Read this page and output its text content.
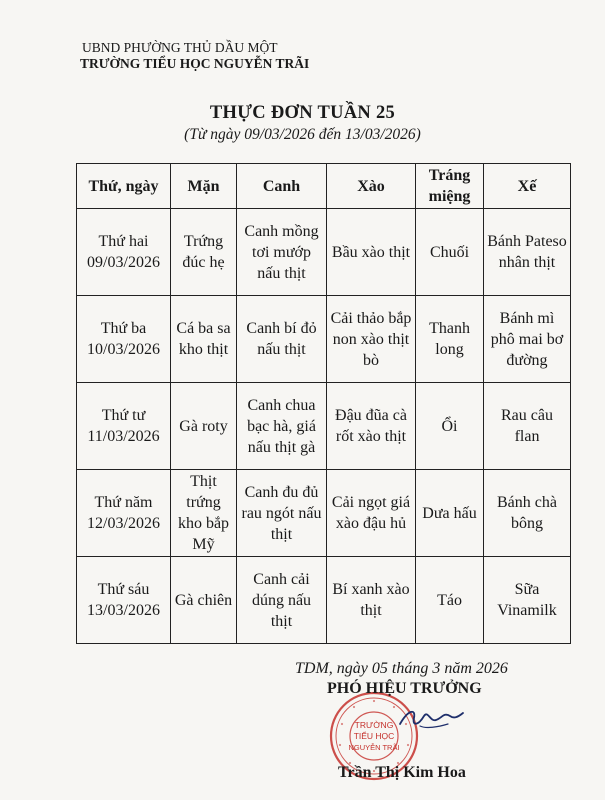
UBND PHƯỜNG THỦ DẦU MỘT
TRƯỜNG TIỂU HỌC NGUYỄN TRÃI
THỰC ĐƠN TUẦN 25
(Từ ngày 09/03/2026 đến 13/03/2026)
Thứ, ngày	Mặn	Canh	Xào	Tráng miệng	Xế
Thứ hai 09/03/2026	Trứng đúc hẹ	Canh mồng tơi mướp nấu thịt	Bầu xào thịt	Chuối	Bánh Pateso nhân thịt
Thứ ba 10/03/2026	Cá ba sa kho thịt	Canh bí đỏ nấu thịt	Cải thảo bắp non xào thịt bò	Thanh long	Bánh mì phô mai bơ đường
Thứ tư 11/03/2026	Gà roty	Canh chua bạc hà, giá nấu thịt gà	Đậu đũa cà rốt xào thịt	Ổi	Rau câu flan
Thứ năm 12/03/2026	Thịt trứng kho bắp Mỹ	Canh đu đủ rau ngót nấu thịt	Cải ngọt giá xào đậu hủ	Dưa hấu	Bánh chà bông
Thứ sáu 13/03/2026	Gà chiên	Canh cải dúng nấu thịt	Bí xanh xào thịt	Táo	Sữa Vinamilk
TDM, ngày 05 tháng 3 năm 2026
TRƯỜNG
TIỂU HỌC
NGUYỄN TRÃI
PHÓ HIỆU TRƯỞNG
Trần Thị Kim Hoa
